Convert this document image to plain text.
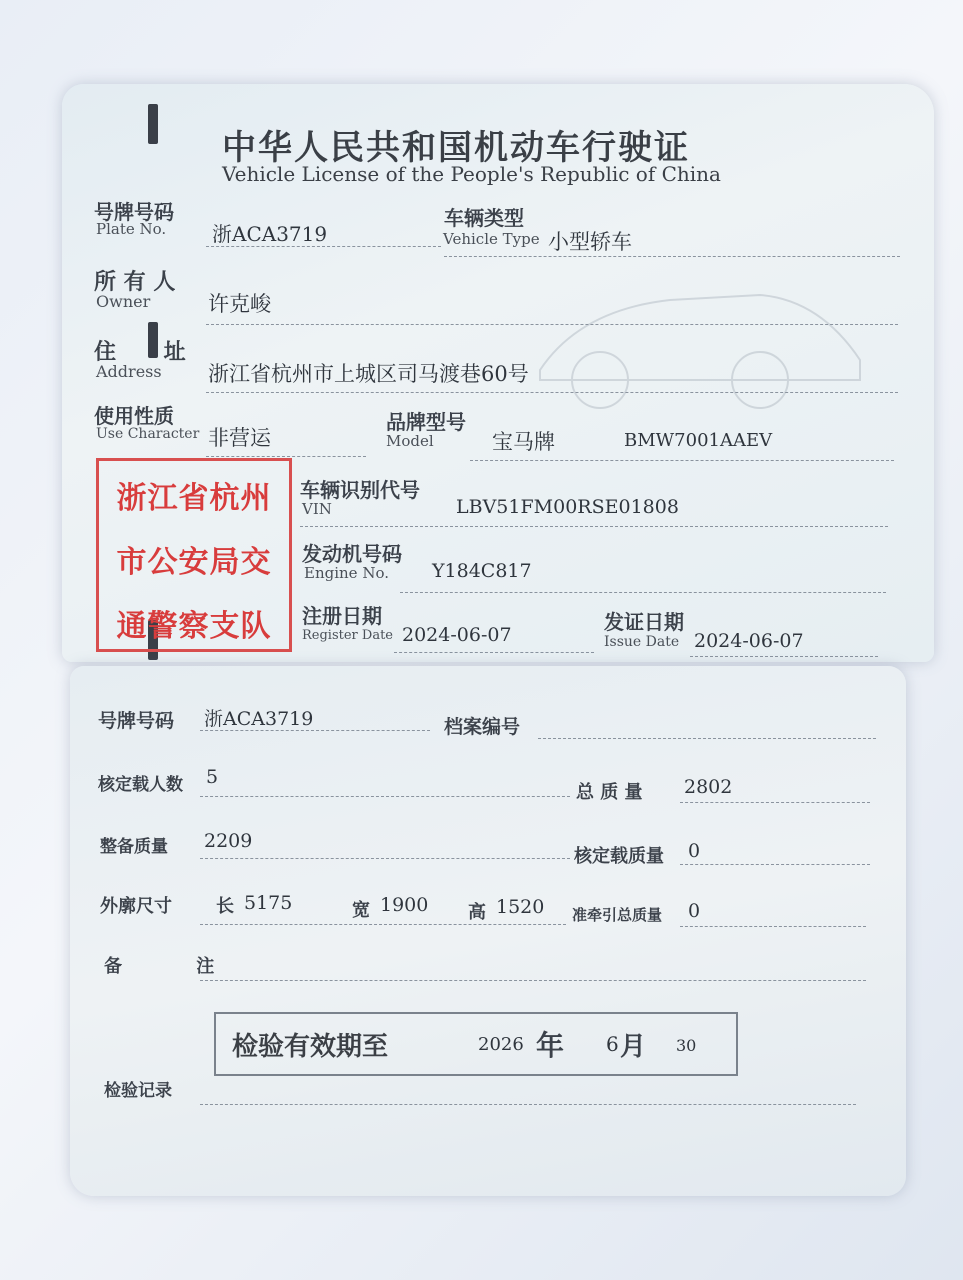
中华人民共和国机动车行驶证
Vehicle License of the People's Republic of China
号牌号码
Plate No. 浙ACA3719
车辆类型
Vehicle Type 小型轿车
所 有 人
Owner	许克峻
住 址
Address 浙江省杭州市上城区司马渡巷60号
使用性质
Use Character 非营运
品牌型号
Model	宝马牌	BMW7001AAEV
浙江省杭州
市公安局交
通警察支队
车辆识别代号
VIN	LBV51FM00RSE01808
发动机号码
Engine No. Y184C817
注册日期
Register Date 2024-06-07
发证日期
Issue Date 2024-06-07
号牌号码 浙ACA3719	档案编号
核定载人数 5
总 质 量 2802
整备质量 2209
核定载质量 0
外廓尺寸 长 5175	宽 1900 高 1520 准牵引总质量 0
备 注
检验有效期至	2026 年 6 月 30
检验记录
